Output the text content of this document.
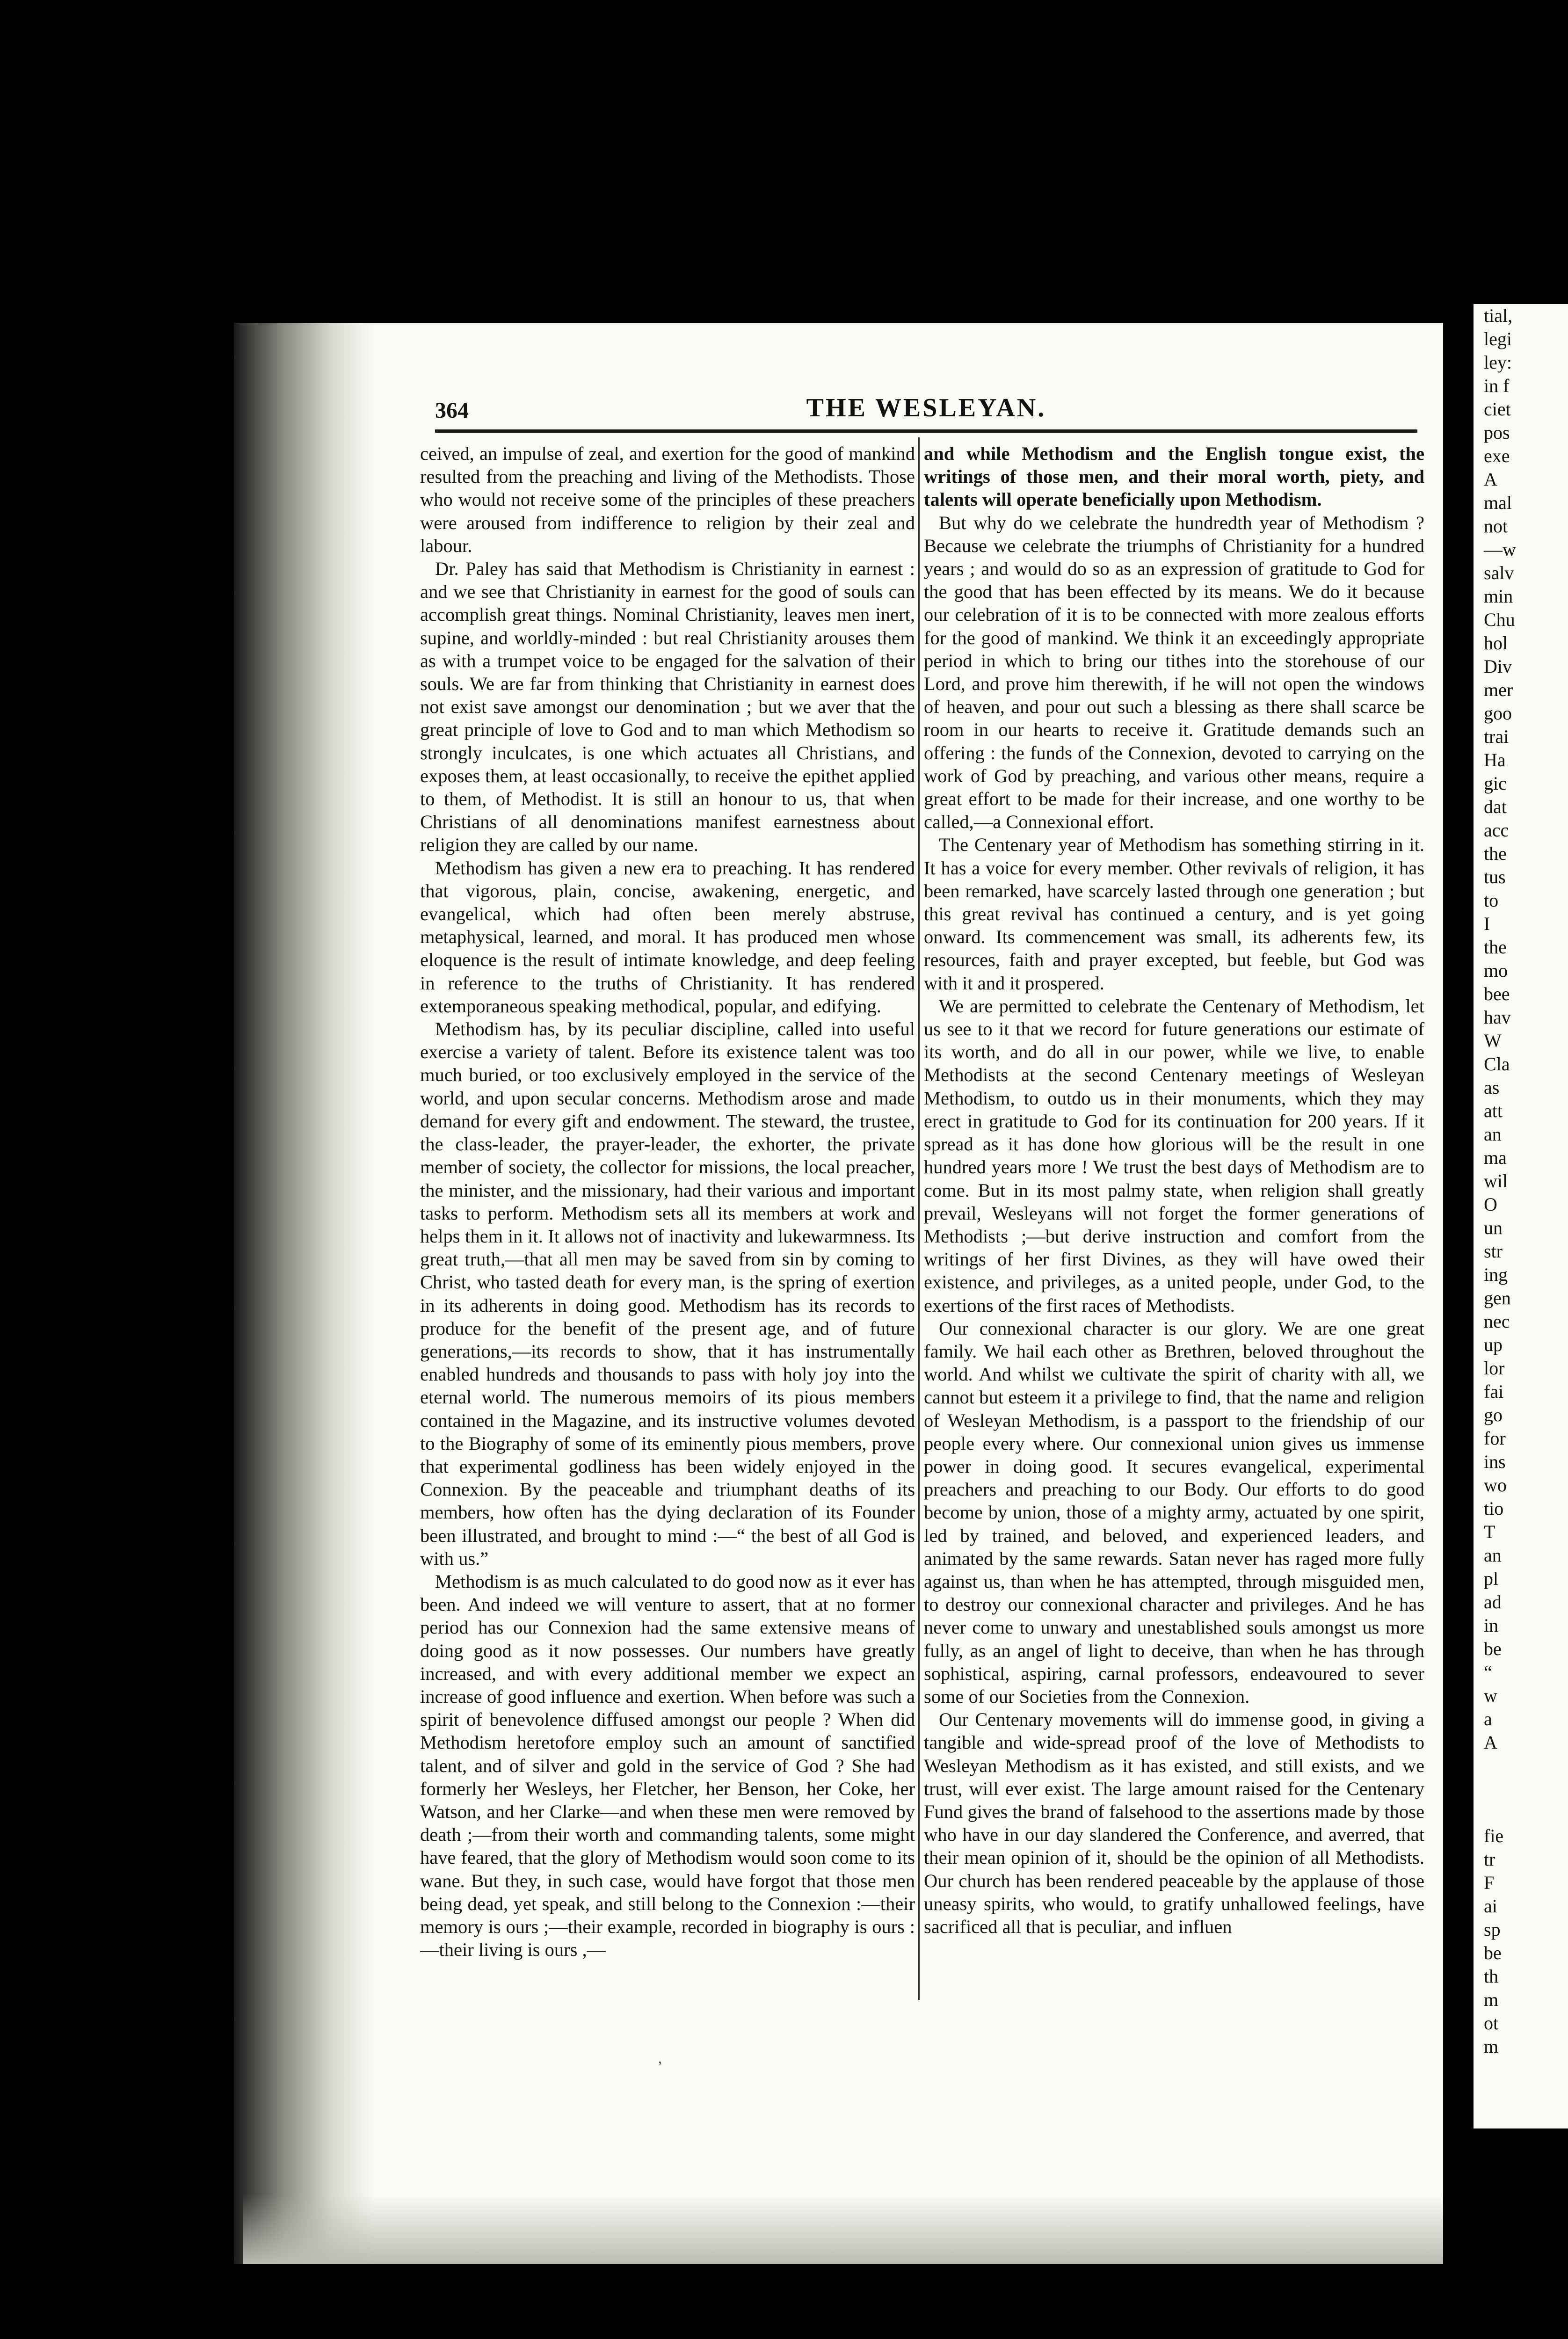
tial,
legi
ley:
in f
ciet
pos
exe
A
mal
not
—w
salv
min
Chu
hol
Div
mer
goo
trai
Ha
gic
dat
acc
the
tus
to
I
the
mo
bee
hav
W
Cla
as
att
an
ma
wil
O
un
str
ing
gen
nec
up
lor
fai
go
for
ins
wo
tio
T
an
pl
ad
in
be
“
w
a
A

fie
tr
F
ai
sp
be
th
m
ot
m
364	THE WESLEYAN.

ceived, an impulse of zeal, and exertion for the good of mankind resulted from the preaching and living of the Methodists. Those who would not receive some of the principles of these preachers were aroused from indifference to religion by their zeal and labour.

Dr. Paley has said that Methodism is Christianity in earnest : and we see that Christianity in earnest for the good of souls can accomplish great things. Nominal Christianity, leaves men inert, supine, and worldly-minded : but real Christianity arouses them as with a trumpet voice to be engaged for the salvation of their souls. We are far from thinking that Christianity in earnest does not exist save amongst our denomination ; but we aver that the great principle of love to God and to man which Methodism so strongly inculcates, is one which actuates all Christians, and exposes them, at least occasionally, to receive the epithet applied to them, of Methodist. It is still an honour to us, that when Christians of all denominations manifest earnestness about religion they are called by our name.

Methodism has given a new era to preaching. It has rendered that vigorous, plain, concise, awakening, energetic, and evangelical, which had often been merely abstruse, metaphysical, learned, and moral. It has produced men whose eloquence is the result of intimate knowledge, and deep feeling in reference to the truths of Christianity. It has rendered extemporaneous speaking methodical, popular, and edifying.

Methodism has, by its peculiar discipline, called into useful exercise a variety of talent. Before its existence talent was too much buried, or too exclusively employed in the service of the world, and upon secular concerns. Methodism arose and made demand for every gift and endowment. The steward, the trustee, the class-leader, the prayer-leader, the exhorter, the private member of society, the collector for missions, the local preacher, the minister, and the missionary, had their various and important tasks to perform. Methodism sets all its members at work and helps them in it. It allows not of inactivity and lukewarmness. Its great truth,—that all men may be saved from sin by coming to Christ, who tasted death for every man, is the spring of exertion in its adherents in doing good. Methodism has its records to produce for the benefit of the present age, and of future generations,—its records to show, that it has instrumentally enabled hundreds and thousands to pass with holy joy into the eternal world. The numerous memoirs of its pious members contained in the Magazine, and its instructive volumes devoted to the Biography of some of its eminently pious members, prove that experimental godliness has been widely enjoyed in the Connexion. By the peaceable and triumphant deaths of its members, how often has the dying declaration of its Founder been illustrated, and brought to mind :—“ the best of all God is with us.”

Methodism is as much calculated to do good now as it ever has been. And indeed we will venture to assert, that at no former period has our Connexion had the same extensive means of doing good as it now possesses. Our numbers have greatly increased, and with every additional member we expect an increase of good influence and exertion. When before was such a spirit of benevolence diffused amongst our people ? When did Methodism heretofore employ such an amount of sanctified talent, and of silver and gold in the service of God ? She had formerly her Wesleys, her Fletcher, her Benson, her Coke, her Watson, and her Clarke—and when these men were removed by death ;—from their worth and commanding talents, some might have feared, that the glory of Methodism would soon come to its wane. But they, in such case, would have forgot that those men being dead, yet speak, and still belong to the Connexion :—their memory is ours ;—their example, recorded in biography is ours :—their living is ours ,—

and while Methodism and the English tongue exist, the writings of those men, and their moral worth, piety, and talents will operate beneficially upon Methodism.

But why do we celebrate the hundredth year of Methodism ? Because we celebrate the triumphs of Christianity for a hundred years ; and would do so as an expression of gratitude to God for the good that has been effected by its means. We do it because our celebration of it is to be connected with more zealous efforts for the good of mankind. We think it an exceedingly appropriate period in which to bring our tithes into the storehouse of our Lord, and prove him therewith, if he will not open the windows of heaven, and pour out such a blessing as there shall scarce be room in our hearts to receive it. Gratitude demands such an offering : the funds of the Connexion, devoted to carrying on the work of God by preaching, and various other means, require a great effort to be made for their increase, and one worthy to be called,—a Connexional effort.

The Centenary year of Methodism has something stirring in it. It has a voice for every member. Other revivals of religion, it has been remarked, have scarcely lasted through one generation ; but this great revival has continued a century, and is yet going onward. Its commencement was small, its adherents few, its resources, faith and prayer excepted, but feeble, but God was with it and it prospered.

We are permitted to celebrate the Centenary of Methodism, let us see to it that we record for future generations our estimate of its worth, and do all in our power, while we live, to enable Methodists at the second Centenary meetings of Wesleyan Methodism, to outdo us in their monuments, which they may erect in gratitude to God for its continuation for 200 years. If it spread as it has done how glorious will be the result in one hundred years more ! We trust the best days of Methodism are to come. But in its most palmy state, when religion shall greatly prevail, Wesleyans will not forget the former generations of Methodists ;—but derive instruction and comfort from the writings of her first Divines, as they will have owed their existence, and privileges, as a united people, under God, to the exertions of the first races of Methodists.

Our connexional character is our glory. We are one great family. We hail each other as Brethren, beloved throughout the world. And whilst we cultivate the spirit of charity with all, we cannot but esteem it a privilege to find, that the name and religion of Wesleyan Methodism, is a passport to the friendship of our people every where. Our connexional union gives us immense power in doing good. It secures evangelical, experimental preachers and preaching to our Body. Our efforts to do good become by union, those of a mighty army, actuated by one spirit, led by trained, and beloved, and experienced leaders, and animated by the same rewards. Satan never has raged more fully against us, than when he has attempted, through misguided men, to destroy our connexional character and privileges. And he has never come to unwary and unestablished souls amongst us more fully, as an angel of light to deceive, than when he has through sophistical, aspiring, carnal professors, endeavoured to sever some of our Societies from the Connexion.

Our Centenary movements will do immense good, in giving a tangible and wide-spread proof of the love of Methodists to Wesleyan Methodism as it has existed, and still exists, and we trust, will ever exist. The large amount raised for the Centenary Fund gives the brand of falsehood to the assertions made by those who have in our day slandered the Conference, and averred, that their mean opinion of it, should be the opinion of all Methodists. Our church has been rendered peaceable by the applause of those uneasy spirits, who would, to gratify unhallowed feelings, have sacrificed all that is peculiar, and influen

’
